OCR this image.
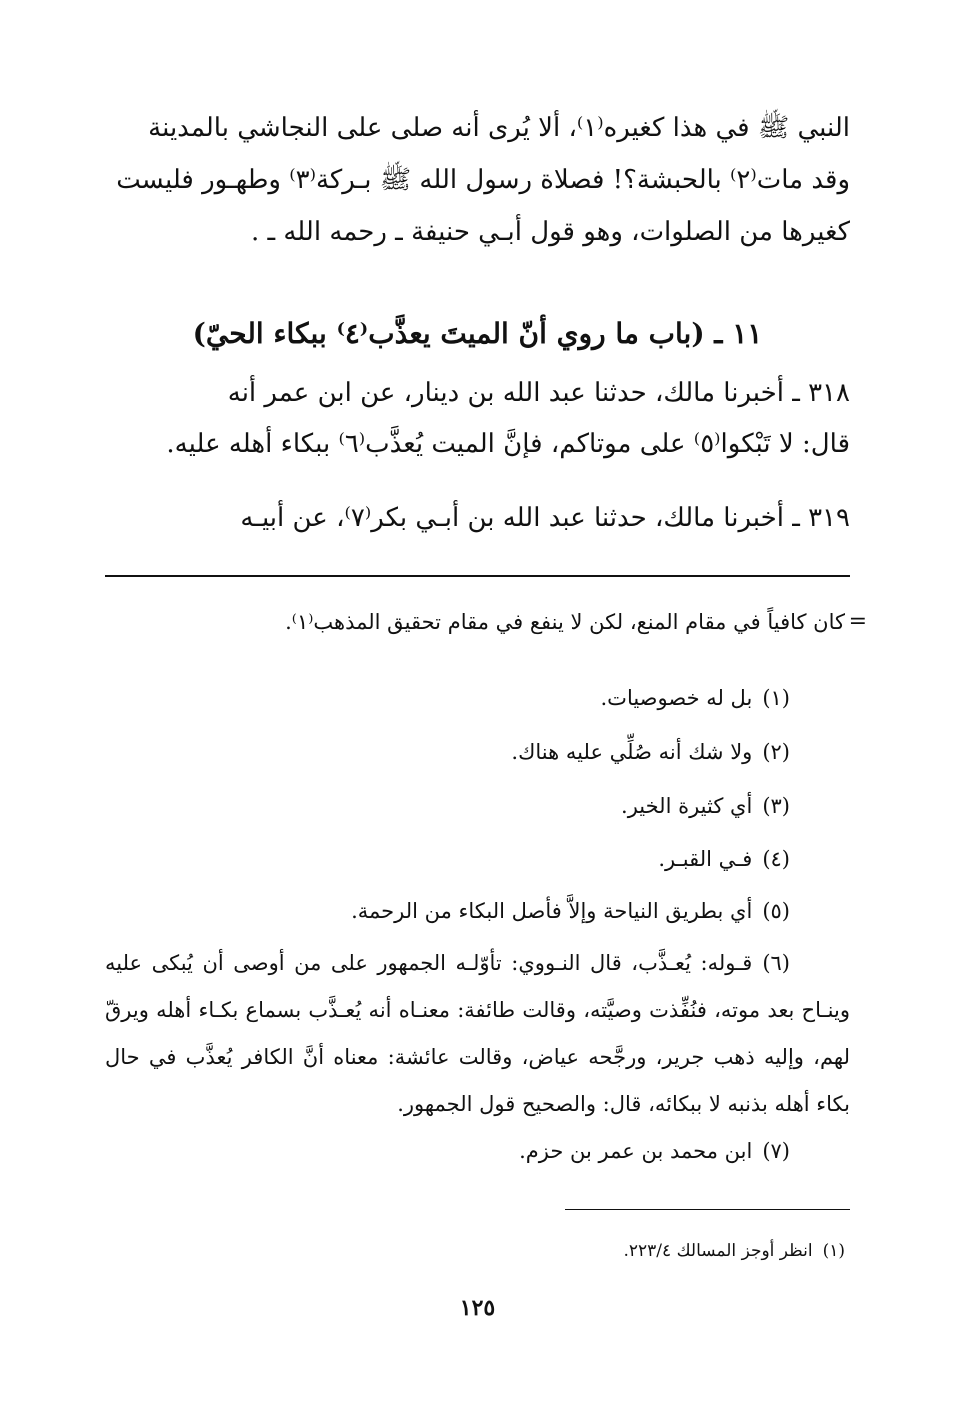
النبي ﷺ في هذا كغيره⁽١⁾، ألا يُرى أنه صلى على النجاشي بالمدينة
وقد مات⁽٢⁾ بالحبشة؟! فصلاة رسول الله ﷺ بـركة⁽٣⁾ وطهـور فليست
كغيرها من الصلوات، وهو قول أبـي حنيفة ـ رحمه الله ـ .
١١ ـ (باب ما روي أنّ الميتَ يعذَّب⁽٤⁾ ببكاء الحيّ)
٣١٨ ـ أخبرنا مالك، حدثنا عبد الله بن دينار، عن ابن عمر أنه
قال: لا تَبْكوا⁽٥⁾ على موتاكم، فإنَّ الميت يُعذَّب⁽٦⁾ ببكاء أهله عليه.
٣١٩ ـ أخبرنا مالك، حدثنا عبد الله بن أبـي بكر⁽٧⁾، عن أبيـه
=
كان كافياً في مقام المنع، لكن لا ينفع في مقام تحقيق المذهب⁽١⁾.
(١)بل له خصوصيات.
(٢)ولا شك أنه صُلِّي عليه هناك.
(٣)أي كثيرة الخير.
(٤)فـي القبـر.
(٥)أي بطريق النياحة وإلاَّ فأصل البكاء من الرحمة.
(٦)قـوله: يُعـذَّب، قال النـووي: تأوّلـه الجمهور على من أوصى أن يُبكى عليه وينـاح بعد موته، فنُفِّذت وصيَّته، وقالت طائفة: معنـاه أنه يُعـذَّب بسماع بكـاء أهله ويرقّ لهم، وإليه ذهب جرير، ورجَّحه عياض، وقالت عائشة: معناه أنَّ الكافر يُعذَّب في حال بكاء أهله بذنبه لا ببكائه، قال: والصحيح قول الجمهور.
(٧)ابن محمد بن عمر بن حزم.
(١)انظر أوجز المسالك ٢٢٣/٤.
١٢٥
